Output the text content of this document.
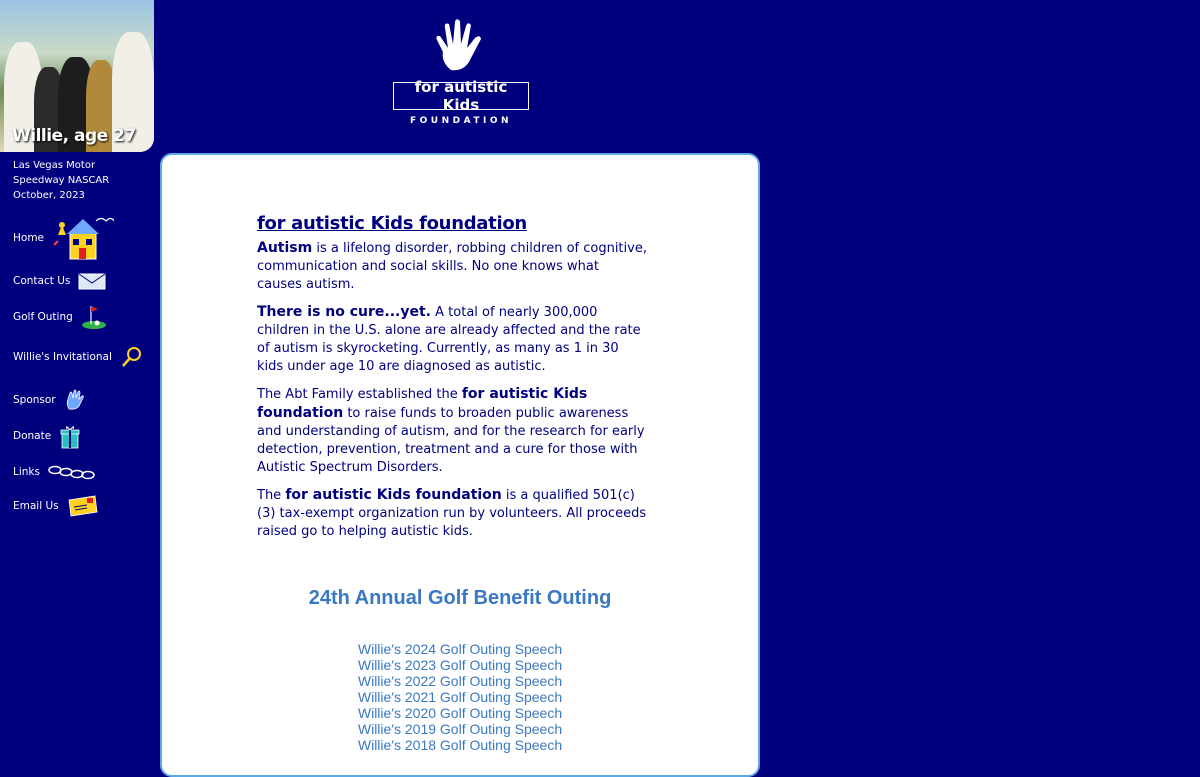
Willie, age 27
Las Vegas Motor
Speedway NASCAR
October, 2023
Home
Contact Us
Golf Outing
Willie's Invitational
Sponsor
Donate
Links
Email Us
for autistic Kids
FOUNDATION
for autistic Kids foundation

Autism is a lifelong disorder, robbing children of cognitive, communication and social skills. No one knows what causes autism.

There is no cure...yet. A total of nearly 300,000 children in the U.S. alone are already affected and the rate of autism is skyrocketing. Currently, as many as 1 in 30 kids under age 10 are diagnosed as autistic.

The Abt Family established the for autistic Kids foundation to raise funds to broaden public awareness and understanding of autism, and for the research for early detection, prevention, treatment and a cure for those with Autistic Spectrum Disorders.

The for autistic Kids foundation is a qualified 501(c)(3) tax-exempt organization run by volunteers. All proceeds raised go to helping autistic kids.

24th Annual Golf Benefit Outing
Willie's 2024 Golf Outing Speech
Willie's 2023 Golf Outing Speech
Willie's 2022 Golf Outing Speech
Willie's 2021 Golf Outing Speech
Willie's 2020 Golf Outing Speech
Willie's 2019 Golf Outing Speech
Willie's 2018 Golf Outing Speech
